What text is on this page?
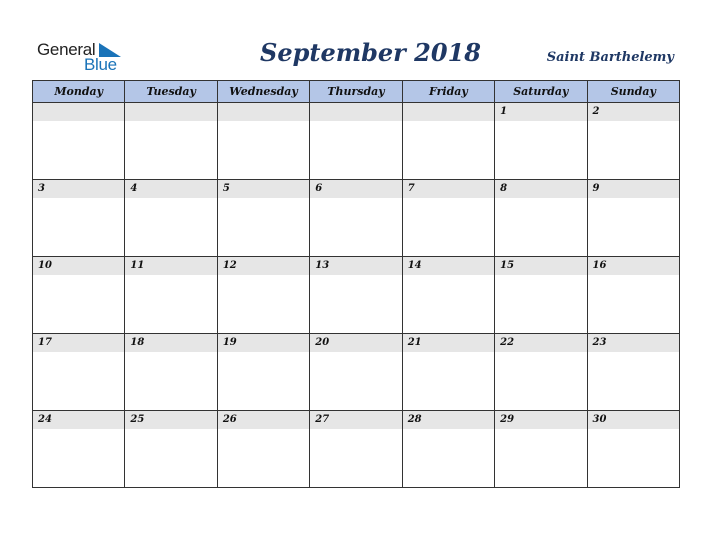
General
Blue	September 2018	Saint Barthelemy
Monday	Tuesday	Wednesday	Thursday	Friday	Saturday	Sunday

					1	2

3	4	5	6	7	8	9

10	11	12	13	14	15	16

17	18	19	20	21	22	23

24	25	26	27	28	29	30
